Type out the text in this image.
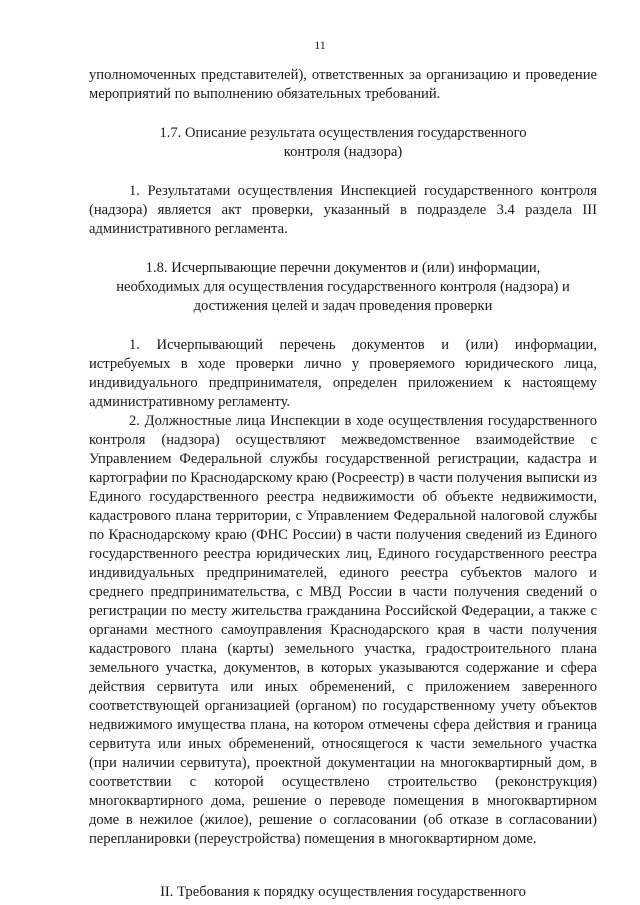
11

уполномоченных представителей), ответственных за организацию и проведение мероприятий по выполнению обязательных требований.

1.7. Описание результата осуществления государственного

контроля (надзора)

1. Результатами осуществления Инспекцией государственного контроля (надзора) является акт проверки, указанный в подразделе 3.4 раздела III административного регламента.

1.8. Исчерпывающие перечни документов и (или) информации,

необходимых для осуществления государственного контроля (надзора) и

достижения целей и задач проведения проверки

1. Исчерпывающий перечень документов и (или) информации, истребуемых в ходе проверки лично у проверяемого юридического лица, индивидуального предпринимателя, определен приложением к настоящему административному регламенту.

2. Должностные лица Инспекции в ходе осуществления государственного контроля (надзора) осуществляют межведомственное взаимодействие с Управлением Федеральной службы государственной регистрации, кадастра и картографии по Краснодарскому краю (Росреестр) в части получения выписки из Единого государственного реестра недвижимости об объекте недвижимости, кадастрового плана территории, с Управлением Федеральной налоговой службы по Краснодарскому краю (ФНС России) в части получения сведений из Единого государственного реестра юридических лиц, Единого государственного реестра индивидуальных предпринимателей, единого реестра субъектов малого и среднего предпринимательства, с МВД России в части получения сведений о регистрации по месту жительства гражданина Российской Федерации, а также с органами местного самоуправления Краснодарского края в части получения кадастрового плана (карты) земельного участка, градостроительного плана земельного участка, документов, в которых указываются содержание и сфера действия сервитута или иных обременений, с приложением заверенного соответствующей организацией (органом) по государственному учету объектов недвижимого имущества плана, на котором отмечены сфера действия и граница сервитута или иных обременений, относящегося к части земельного участка (при наличии сервитута), проектной документации на многоквартирный дом, в соответствии с которой осуществлено строительство (реконструкция) многоквартирного дома, решение о переводе помещения в многоквартирном доме в нежилое (жилое), решение о согласовании (об отказе в согласовании) перепланировки (переустройства) помещения в многоквартирном доме.

II. Требования к порядку осуществления государственного
